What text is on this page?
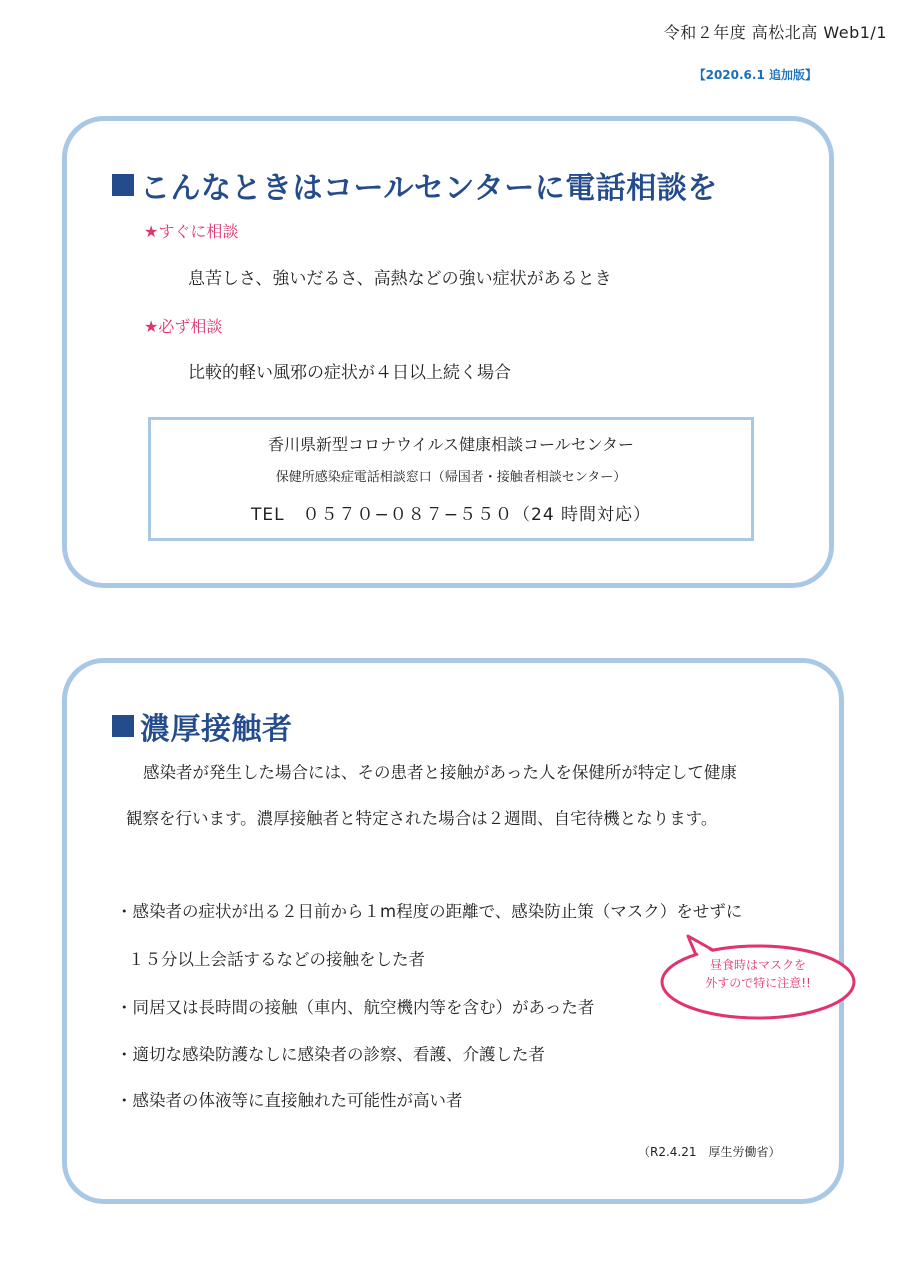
令和２年度 高松北高 Web1/1
【2020.6.1 追加版】
こんなときはコールセンターに電話相談を
★すぐに相談
息苦しさ、強いだるさ、高熱などの強い症状があるとき
★必ず相談
比較的軽い風邪の症状が４日以上続く場合
香川県新型コロナウイルス健康相談コールセンター
保健所感染症電話相談窓口（帰国者・接触者相談センター）
TEL　０５７０−０８７−５５０（24 時間対応）
濃厚接触者
感染者が発生した場合には、その患者と接触があった人を保健所が特定して健康
観察を行います。濃厚接触者と特定された場合は２週間、自宅待機となります。
・感染者の症状が出る２日前から１m程度の距離で、感染防止策（マスク）をせずに
１５分以上会話するなどの接触をした者
・同居又は長時間の接触（車内、航空機内等を含む）があった者
・適切な感染防護なしに感染者の診察、看護、介護した者
・感染者の体液等に直接触れた可能性が高い者
昼食時はマスクを
外すので特に注意!!
（R2.4.21　厚生労働省）
